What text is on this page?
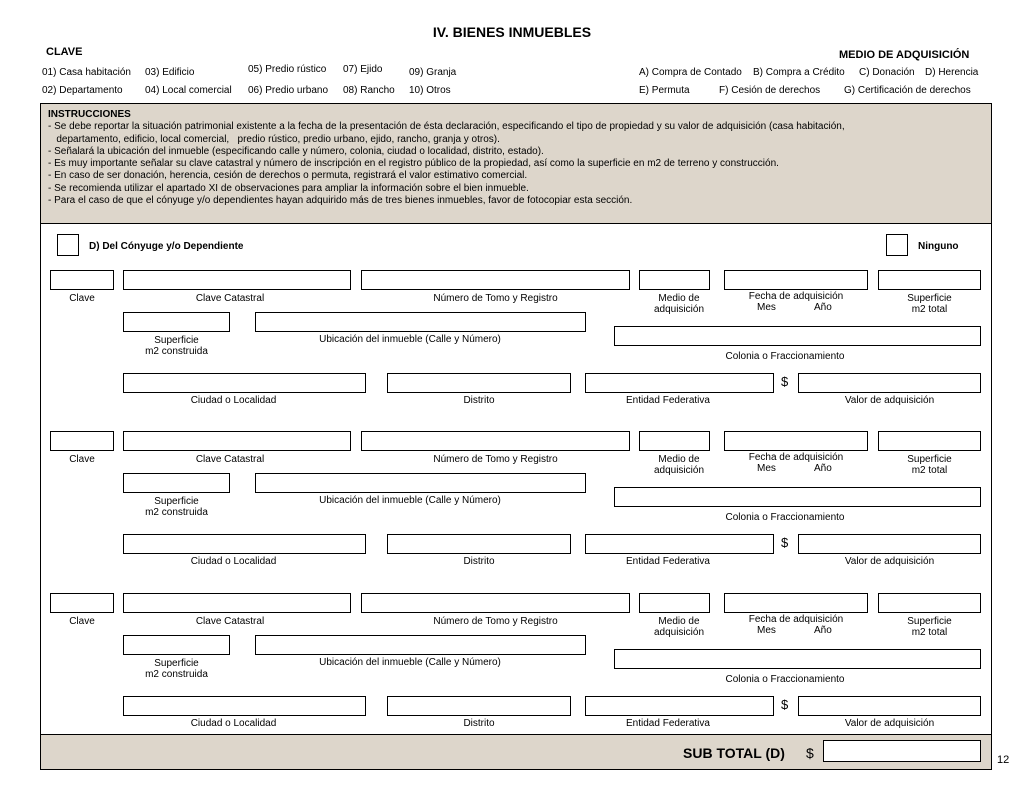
IV. BIENES INMUEBLES
CLAVE
01) Casa habitación 03) Edificio	05) Predio rústico 07) Ejido	09) Granja
02) Departamento 04) Local comercial 06) Predio urbano 08) Rancho 10) Otros
MEDIO DE ADQUISICIÓN
A) Compra de Contado B) Compra a Crédito C) Donación D) Herencia
E) Permuta	F) Cesión de derechos G) Certificación de derechos
INSTRUCCIONES
- Se debe reportar la situación patrimonial existente a la fecha de la presentación de ésta declaración, especificando el tipo de propiedad y su valor de adquisición (casa habitación,
departamento, edificio, local comercial,   predio rústico, predio urbano, ejido, rancho, granja y otros).
- Señalará la ubicación del inmueble (especificando calle y número, colonia, ciudad o localidad, distrito, estado).
- Es muy importante señalar su clave catastral y número de inscripción en el registro público de la propiedad, así como la superficie en m2 de terreno y construcción.
- En caso de ser donación, herencia, cesión de derechos o permuta, registrará el valor estimativo comercial.
- Se recomienda utilizar el apartado XI de observaciones para ampliar la información sobre el bien inmueble.
- Para el caso de que el cónyuge y/o dependientes hayan adquirido más de tres bienes inmuebles, favor de fotocopiar esta sección.
D) Del Cónyuge y/o Dependiente	Ninguno
Clave	Clave Catastral	Número de Tomo y Registro	Medio de
adquisición
Fecha de adquisición
Mes	Año
Superficie
m2 total
Superficie
m2 construida
Ubicación del inmueble (Calle y Número)
Colonia o Fraccionamiento
$
Ciudad o Localidad	Distrito	Entidad Federativa	Valor de adquisición
Clave	Clave Catastral	Número de Tomo y Registro	Medio de
adquisición
Fecha de adquisición
Mes	Año
Superficie
m2 total
Superficie
m2 construida
Ubicación del inmueble (Calle y Número)
Colonia o Fraccionamiento
$
Ciudad o Localidad	Distrito	Entidad Federativa	Valor de adquisición
Clave	Clave Catastral	Número de Tomo y Registro	Medio de
adquisición
Fecha de adquisición
Mes	Año
Superficie
m2 total
Superficie
m2 construida
Ubicación del inmueble (Calle y Número)
Colonia o Fraccionamiento
$
Ciudad o Localidad	Distrito	Entidad Federativa	Valor de adquisición
SUB TOTAL (D) $	12
